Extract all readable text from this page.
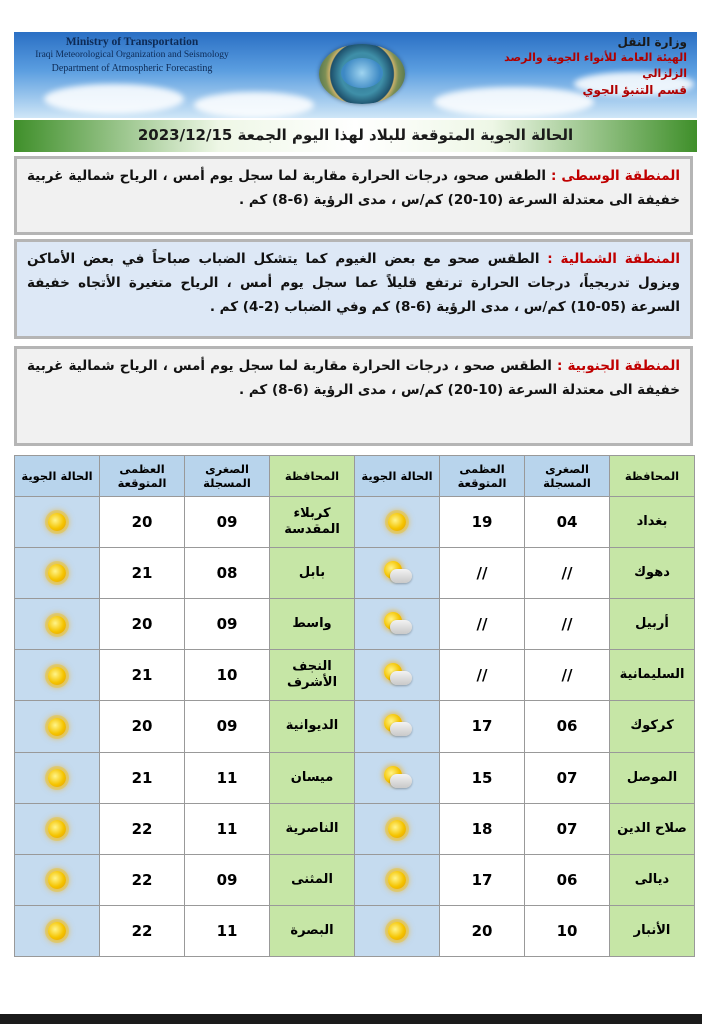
Ministry of Transportation
Iraqi Meteorological Organization and Seismology
Department of Atmospheric Forecasting
وزارة النقل
الهيئة العامة للأنواء الجوية والرصد الزلزالي
قسم التنبؤ الجوي
الحالة الجوية المتوقعة للبلاد لهذا اليوم الجمعة 2023/12/15
المنطقة الوسطى : الطقس صحو، درجات الحرارة مقاربة لما سجل يوم أمس ، الرياح شمالية غربية خفيفة الى معتدلة السرعة (10-20) كم/س ، مدى الرؤية (6-8) كم .
المنطقة الشمالية : الطقس صحو مع بعض الغيوم كما يتشكل الضباب صباحاً في بعض الأماكن ويزول تدريجياً، درجات الحرارة ترتفع قليلاً عما سجل يوم أمس ، الرياح متغيرة الأتجاه خفيفة السرعة (05-10) كم/س ، مدى الرؤية (6-8) كم وفي الضباب (2-4) كم .
المنطقة الجنوبية : الطقس صحو ، درجات الحرارة مقاربة لما سجل يوم أمس ، الرياح شمالية غربية خفيفة الى معتدلة السرعة (10-20) كم/س ، مدى الرؤية (6-8) كم .
المحافظة	الصغرى المسجلة	العظمى المتوقعة	الحالة الجوية	المحافظة	الصغرى المسجلة	العظمى المتوقعة	الحالة الجوية
بغداد	04	19		كربلاء المقدسة	09	20	
دهوك	//	//		بابل	08	21	
أربيل	//	//		واسط	09	20	
السليمانية	//	//		النجف الأشرف	10	21	
كركوك	06	17		الديوانية	09	20	
الموصل	07	15		ميسان	11	21	
صلاح الدين	07	18		الناصرية	11	22	
ديالى	06	17		المثنى	09	22	
الأنبار	10	20		البصرة	11	22	
